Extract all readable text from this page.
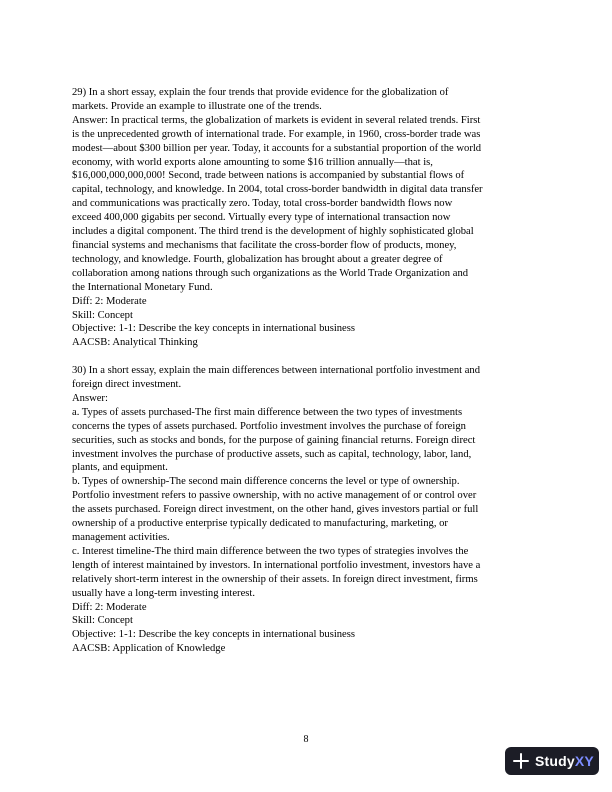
29) In a short essay, explain the four trends that provide evidence for the globalization of
markets. Provide an example to illustrate one of the trends.
Answer: In practical terms, the globalization of markets is evident in several related trends. First
is the unprecedented growth of international trade. For example, in 1960, cross-border trade was
modest—about $300 billion per year. Today, it accounts for a substantial proportion of the world
economy, with world exports alone amounting to some $16 trillion annually—that is,
$16,000,000,000,000! Second, trade between nations is accompanied by substantial flows of
capital, technology, and knowledge. In 2004, total cross-border bandwidth in digital data transfer
and communications was practically zero. Today, total cross-border bandwidth flows now
exceed 400,000 gigabits per second. Virtually every type of international transaction now
includes a digital component. The third trend is the development of highly sophisticated global
financial systems and mechanisms that facilitate the cross-border flow of products, money,
technology, and knowledge. Fourth, globalization has brought about a greater degree of
collaboration among nations through such organizations as the World Trade Organization and
the International Monetary Fund.
Diff: 2: Moderate
Skill: Concept
Objective: 1-1: Describe the key concepts in international business
AACSB: Analytical Thinking
30) In a short essay, explain the main differences between international portfolio investment and
foreign direct investment.
Answer:
a. Types of assets purchased-The first main difference between the two types of investments
concerns the types of assets purchased. Portfolio investment involves the purchase of foreign
securities, such as stocks and bonds, for the purpose of gaining financial returns. Foreign direct
investment involves the purchase of productive assets, such as capital, technology, labor, land,
plants, and equipment.
b. Types of ownership-The second main difference concerns the level or type of ownership.
Portfolio investment refers to passive ownership, with no active management of or control over
the assets purchased. Foreign direct investment, on the other hand, gives investors partial or full
ownership of a productive enterprise typically dedicated to manufacturing, marketing, or
management activities.
c. Interest timeline-The third main difference between the two types of strategies involves the
length of interest maintained by investors. In international portfolio investment, investors have a
relatively short-term interest in the ownership of their assets. In foreign direct investment, firms
usually have a long-term investing interest.
Diff: 2: Moderate
Skill: Concept
Objective: 1-1: Describe the key concepts in international business
AACSB: Application of Knowledge
8
StudyXY
